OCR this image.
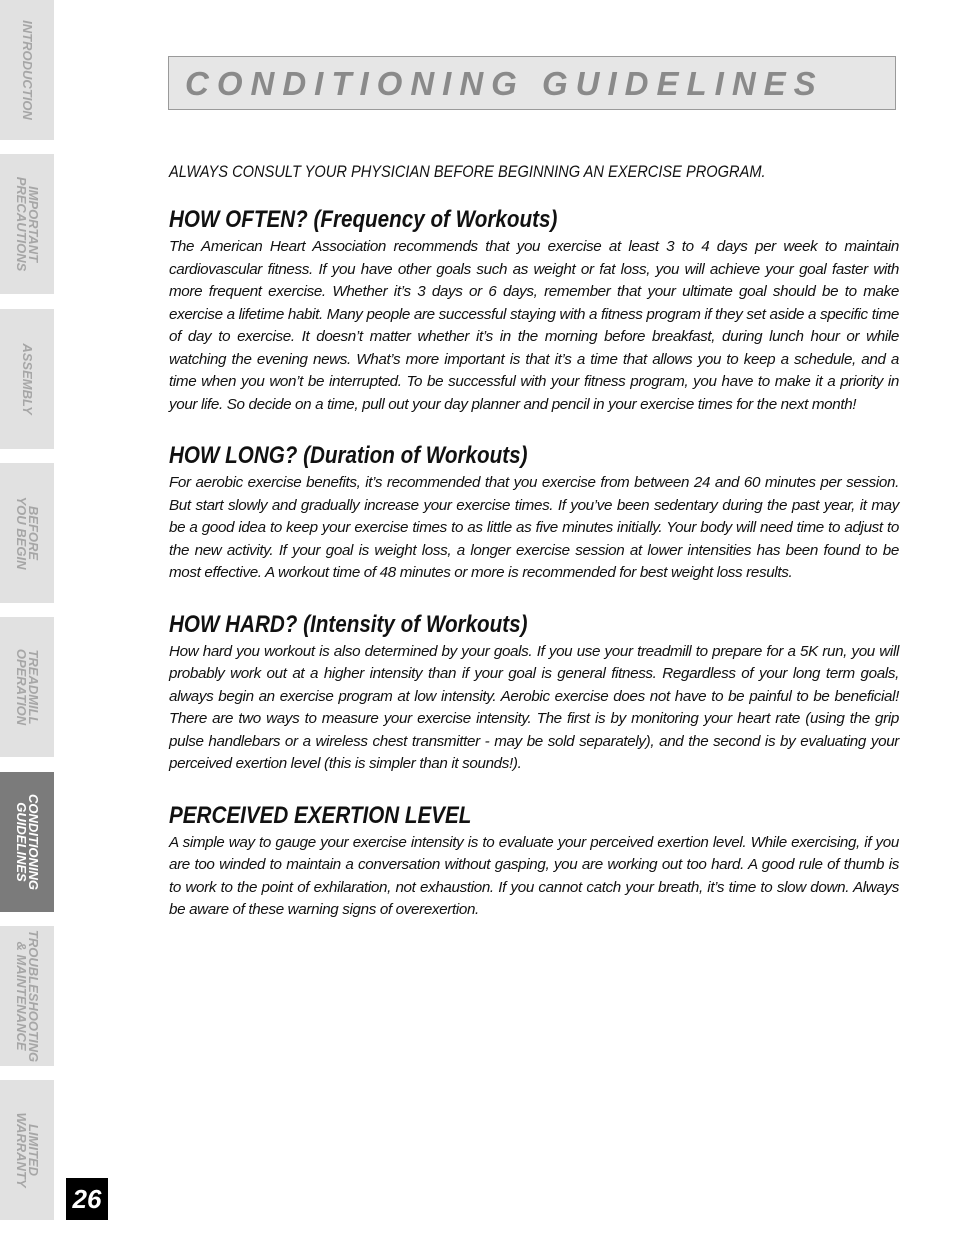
INTRODUCTION
IMPORTANT
PRECAUTIONS
ASSEMBLY
BEFORE
YOU BEGIN
TREADMILL
OPERATION
CONDITIONING
GUIDELINES
TROUBLESHOOTING
& MAINTENANCE
LIMITED
WARRANTY
26
CONDITIONING GUIDELINES
ALWAYS CONSULT YOUR PHYSICIAN BEFORE BEGINNING AN EXERCISE PROGRAM.
HOW OFTEN? (Frequency of Workouts)

The American Heart Association recommends that you exercise at least 3 to 4 days per week to maintain cardiovascular fitness. If you have other goals such as weight or fat loss, you will achieve your goal faster with more frequent exercise. Whether it’s 3 days or 6 days, remember that your ultimate goal should be to make exercise a lifetime habit. Many people are successful staying with a fitness program if they set aside a specific time of day to exercise. It doesn’t matter whether it’s in the morning before breakfast, during lunch hour or while watching the evening news. What’s more important is that it’s a time that allows you to keep a schedule, and a time when you won’t be interrupted. To be successful with your fitness program, you have to make it a priority in your life. So decide on a time, pull out your day planner and pencil in your exercise times for the next month!

HOW LONG? (Duration of Workouts)

For aerobic exercise benefits, it’s recommended that you exercise from between 24 and 60 minutes per session. But start slowly and gradually increase your exercise times. If you’ve been sedentary during the past year, it may be a good idea to keep your exercise times to as little as five minutes initially. Your body will need time to adjust to the new activity. If your goal is weight loss, a longer exercise session at lower intensities has been found to be most effective. A workout time of 48 minutes or more is recommended for best weight loss results.

HOW HARD? (Intensity of Workouts)

How hard you workout is also determined by your goals. If you use your treadmill to prepare for a 5K run, you will probably work out at a higher intensity than if your goal is general fitness. Regardless of your long term goals, always begin an exercise program at low intensity. Aerobic exercise does not have to be painful to be beneficial! There are two ways to measure your exercise intensity. The first is by monitoring your heart rate (using the grip pulse handlebars or a wireless chest transmitter - may be sold separately), and the second is by evaluating your perceived exertion level (this is simpler than it sounds!).

PERCEIVED EXERTION LEVEL

A simple way to gauge your exercise intensity is to evaluate your perceived exertion level. While exercising, if you are too winded to maintain a conversation without gasping, you are working out too hard. A good rule of thumb is to work to the point of exhilaration, not exhaustion. If you cannot catch your breath, it’s time to slow down. Always be aware of these warning signs of overexertion.
